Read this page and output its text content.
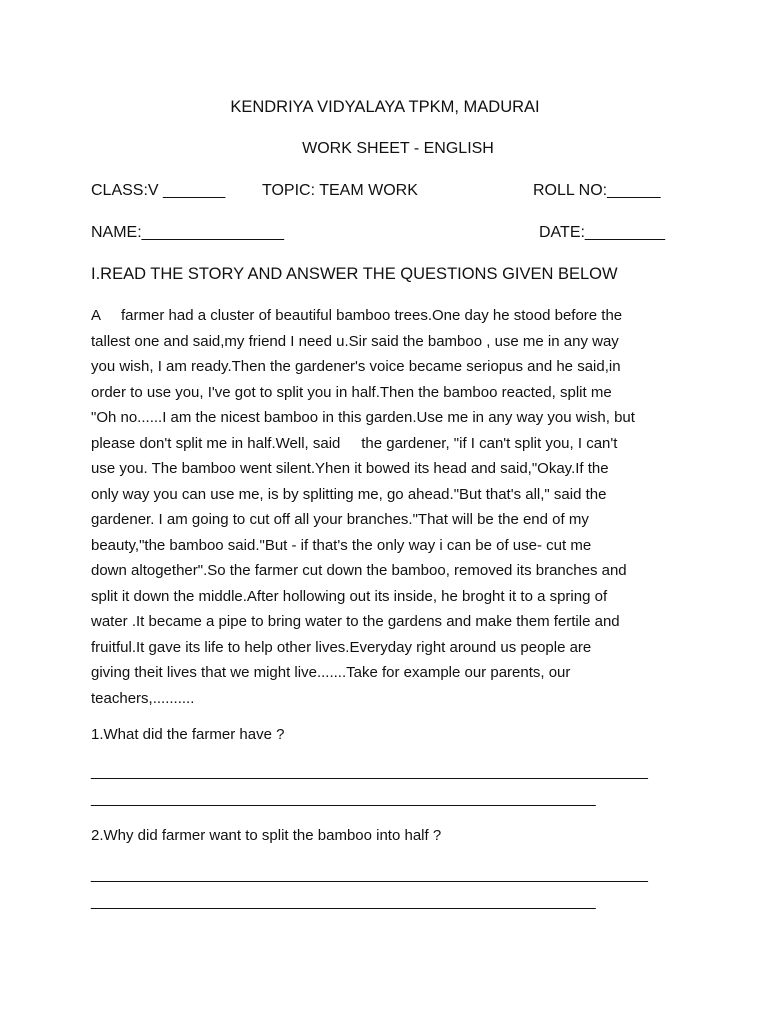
KENDRIYA VIDYALAYA TPKM, MADURAI
WORK SHEET - ENGLISH
CLASS:V _______ TOPIC: TEAM WORK	ROLL NO:______
NAME:________________	DATE:_________
I.READ THE STORY AND ANSWER THE QUESTIONS GIVEN BELOW
A     farmer had a cluster of beautiful bamboo trees.One day he stood before the
tallest one and said,my friend I need u.Sir said the bamboo , use me in any way
you wish, I am ready.Then the gardener's voice became seriopus and he said,in
order to use you, I've got to split you in half.Then the bamboo reacted, split me
"Oh no......I am the nicest bamboo in this garden.Use me in any way you wish, but
please don't split me in half.Well, said     the gardener, "if I can't split you, I can't
use you. The bamboo went silent.Yhen it bowed its head and said,"Okay.If the
only way you can use me, is by splitting me, go ahead."But that's all," said the
gardener. I am going to cut off all your branches."That will be the end of my
beauty,"the bamboo said."But - if that's the only way i can be of use- cut me
down altogether".So the farmer cut down the bamboo, removed its branches and
split it down the middle.After hollowing out its inside, he broght it to a spring of
water .It became a pipe to bring water to the gardens and make them fertile and
fruitful.It gave its life to help other lives.Everyday right around us people are
giving theit lives that we might live.......Take for example our parents, our
teachers,..........
1.What did the farmer have ?
________________________________________________________________
__________________________________________________________
2.Why did farmer want to split the bamboo into half ?
________________________________________________________________
__________________________________________________________
